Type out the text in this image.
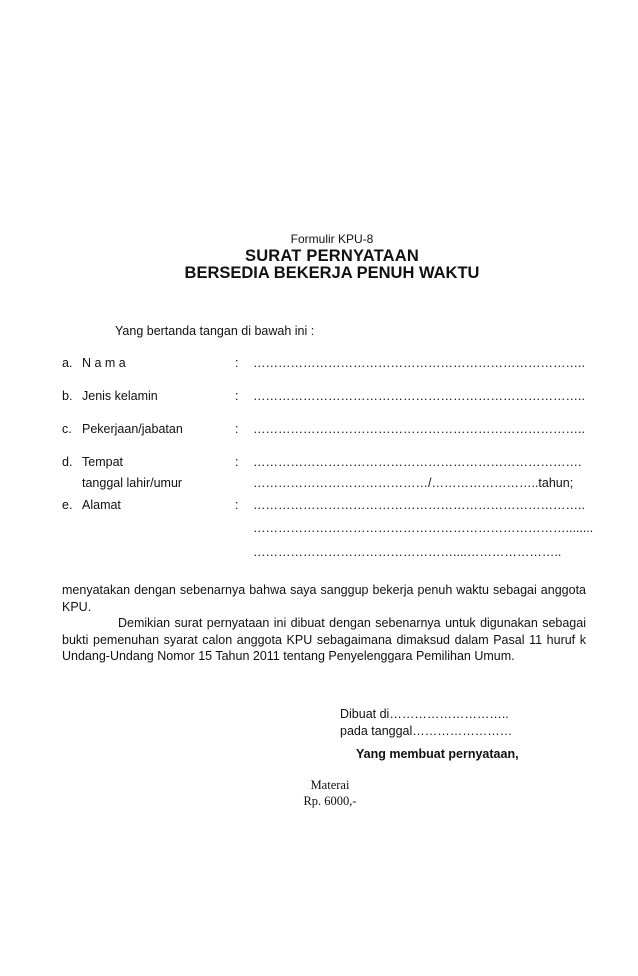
Formulir KPU-8
SURAT PERNYATAAN
BERSEDIA BEKERJA PENUH WAKTU
Yang bertanda tangan di bawah ini :
a. N a m a	: ……………………………………………………………………..
b. Jenis kelamin	: ……………………………………………………………………..
c. Pekerjaan/jabatan	: ……………………………………………………………………..
d. Tempat	: …………………………………………………………………….
tanggal lahir/umur	……………………………………/……………………..tahun;
e. Alamat	: ……………………………………………………………………..
…………………………………………………………………........
…………………………………………....…………………..
menyatakan dengan sebenarnya bahwa saya sanggup bekerja penuh waktu sebagai anggota KPU.
Demikian surat pernyataan ini dibuat dengan sebenarnya untuk digunakan sebagai bukti pemenuhan syarat calon anggota KPU sebagaimana dimaksud dalam Pasal 11 huruf k Undang-Undang Nomor 15 Tahun 2011 tentang Penyelenggara Pemilihan Umum.
Dibuat di………………………..
pada tanggal……………………
Yang membuat pernyataan,
Materai
Rp. 6000,-
